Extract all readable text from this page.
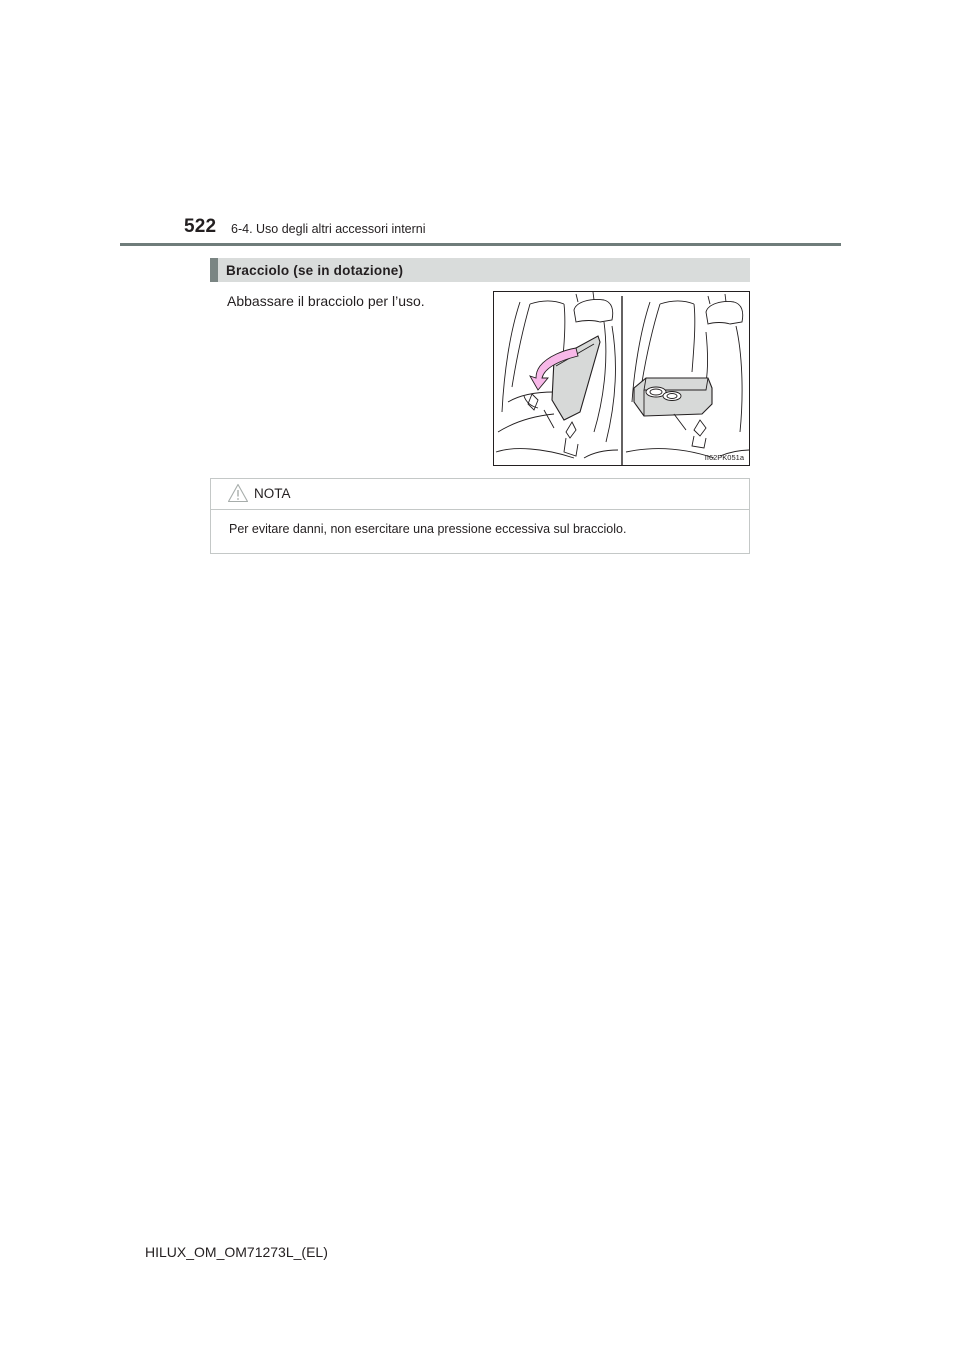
522 6-4. Uso degli altri accessori interni
Bracciolo (se in dotazione)
Abbassare il bracciolo per l’uso.
II62PK051a
NOTA
Per evitare danni, non esercitare una pressione eccessiva sul bracciolo.
HILUX_OM_OM71273L_(EL)
